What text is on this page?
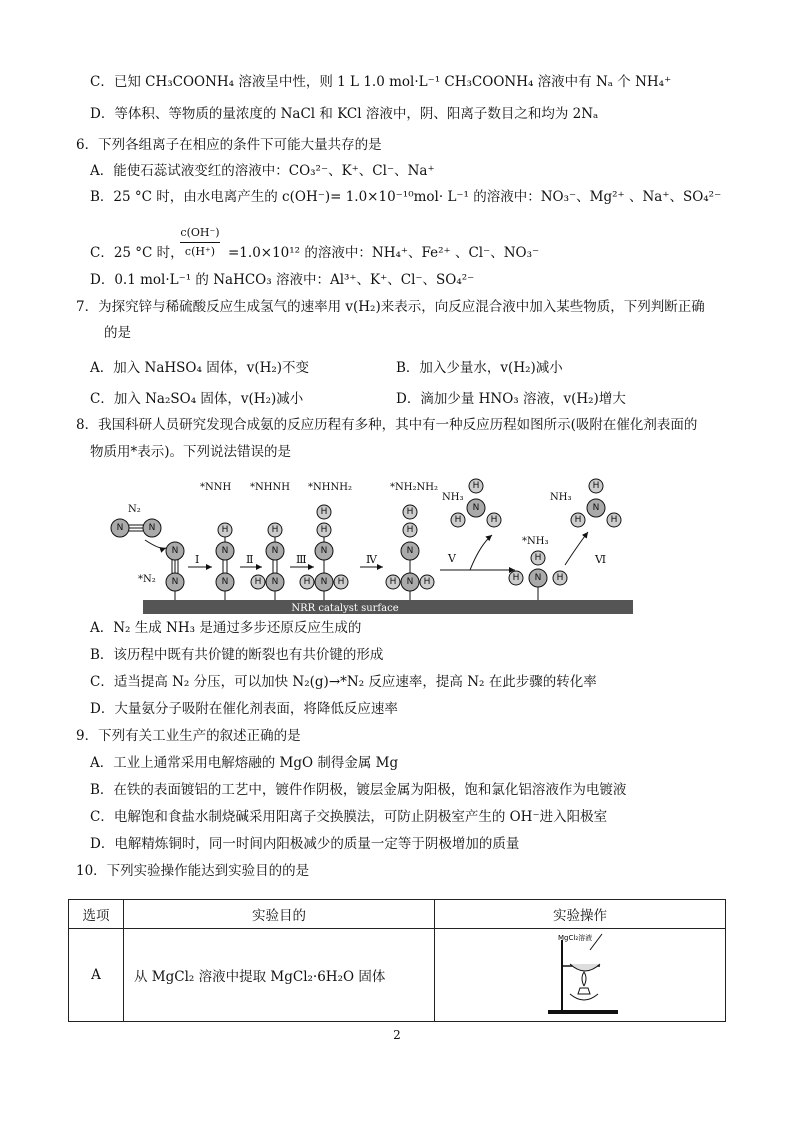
C．已知 CH₃COONH₄ 溶液呈中性，则 1 L 1.0 mol·L⁻¹ CH₃COONH₄ 溶液中有 Nₐ 个 NH₄⁺
D．等体积、等物质的量浓度的 NaCl 和 KCl 溶液中，阴、阳离子数目之和均为 2Nₐ
6．下列各组离子在相应的条件下可能大量共存的是
A．能使石蕊试液变红的溶液中：CO₃²⁻、K⁺、Cl⁻、Na⁺
B．25 °C 时，由水电离产生的 c(OH⁻)= 1.0×10⁻¹⁰mol· L⁻¹ 的溶液中：NO₃⁻、Mg²⁺ 、Na⁺、SO₄²⁻
C．25 °C 时，	=1.0×10¹² 的溶液中：NH₄⁺、Fe²⁺ 、Cl⁻、NO₃⁻
D．0.1 mol·L⁻¹ 的 NaHCO₃ 溶液中：Al³⁺、K⁺、Cl⁻、SO₄²⁻
7．为探究锌与稀硫酸反应生成氢气的速率用 v(H₂)来表示，向反应混合液中加入某些物质，下列判断正确
的是
A．加入 NaHSO₄ 固体，v(H₂)不变	B．加入少量水，v(H₂)减小
C．加入 Na₂SO₄ 固体，v(H₂)减小	D．滴加少量 HNO₃ 溶液，v(H₂)增大
8．我国科研人员研究发现合成氨的反应历程有多种，其中有一种反应历程如图所示(吸附在催化剂表面的
物质用*表示)。下列说法错误的是
A．N₂ 生成 NH₃ 是通过多步还原反应生成的
B．该历程中既有共价键的断裂也有共价键的形成
C．适当提高 N₂ 分压，可以加快 N₂(g)→*N₂ 反应速率，提高 N₂ 在此步骤的转化率
D．大量氨分子吸附在催化剂表面，将降低反应速率
9．下列有关工业生产的叙述正确的是
A．工业上通常采用电解熔融的 MgO 制得金属 Mg
B．在铁的表面镀铝的工艺中，镀件作阴极，镀层金属为阳极，饱和氯化铝溶液作为电镀液
C．电解饱和食盐水制烧碱采用阳离子交换膜法，可防止阴极室产生的 OH⁻进入阳极室
D．电解精炼铜时，同一时间内阳极减少的质量一定等于阴极增加的质量
10．下列实验操作能达到实验目的的是
$\frac{c(OH^-)}{c(H^+)}$
NRR catalyst surface
N₂
N	N
*N₂
N
N
Ⅰ
*NNH
H
N
N
Ⅱ
*NHNH
H
N
N
H
Ⅲ
*NHNH₂
H
H
N
N
H	H
Ⅳ
*NH₂NH₂
H
H
N
N
H	H
Ⅴ
NH₃
H
N
H	H
*NH₃
H
N
H	H
Ⅵ
NH₃
H
N
H	H
选项	实验目的	实验操作
A	从 MgCl₂ 溶液中提取 MgCl₂·6H₂O 固体	MgCl₂溶液
2
